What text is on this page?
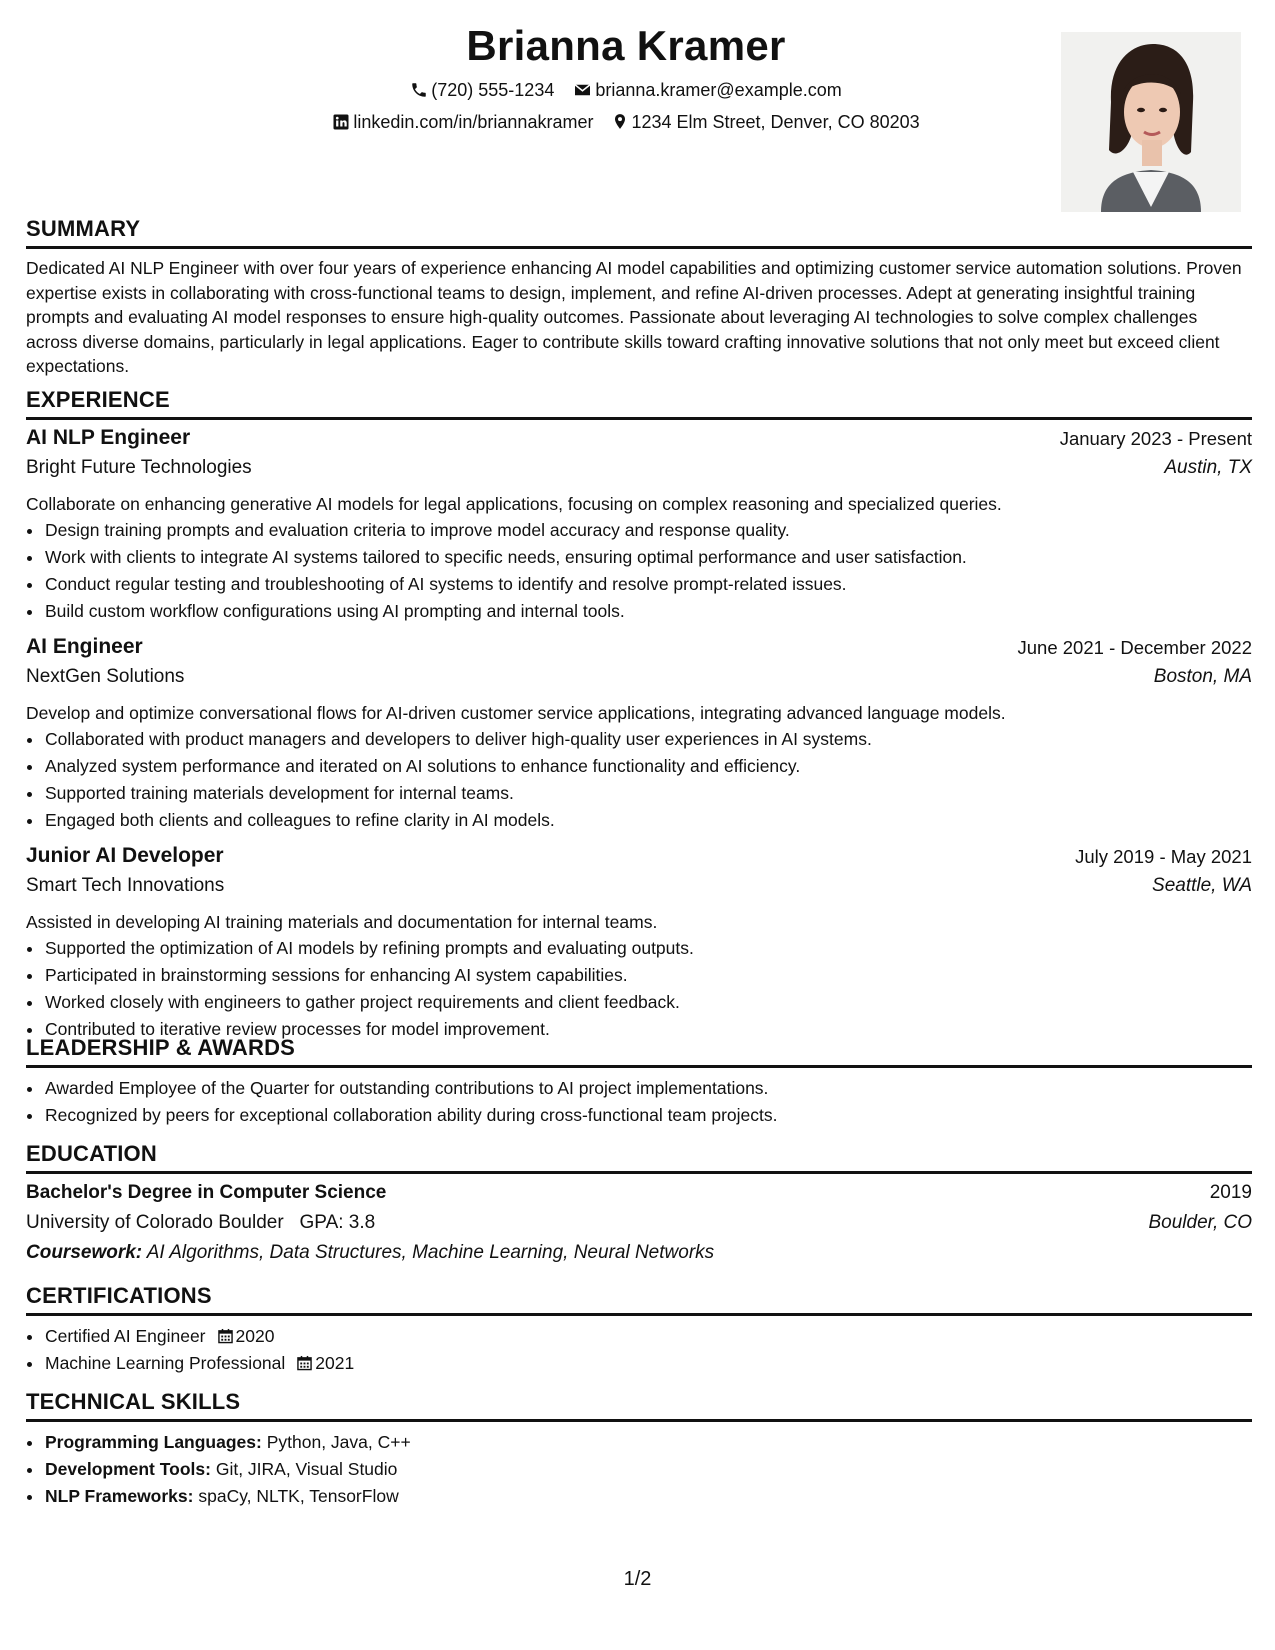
Brianna Kramer
(720) 555-1234 brianna.kramer@example.com
linkedin.com/in/briannakramer 1234 Elm Street, Denver, CO 80203
SUMMARY
Dedicated AI NLP Engineer with over four years of experience enhancing AI model capabilities and optimizing customer service automation solutions. Proven expertise exists in collaborating with cross-functional teams to design, implement, and refine AI-driven processes. Adept at generating insightful training prompts and evaluating AI model responses to ensure high-quality outcomes. Passionate about leveraging AI technologies to solve complex challenges across diverse domains, particularly in legal applications. Eager to contribute skills toward crafting innovative solutions that not only meet but exceed client expectations.
EXPERIENCE
AI NLP Engineer	January 2023 - Present
Bright Future Technologies	Austin, TX
Collaborate on enhancing generative AI models for legal applications, focusing on complex reasoning and specialized queries.
• Design training prompts and evaluation criteria to improve model accuracy and response quality.
• Work with clients to integrate AI systems tailored to specific needs, ensuring optimal performance and user satisfaction.
• Conduct regular testing and troubleshooting of AI systems to identify and resolve prompt-related issues.
• Build custom workflow configurations using AI prompting and internal tools.
AI Engineer	June 2021 - December 2022
NextGen Solutions	Boston, MA
Develop and optimize conversational flows for AI-driven customer service applications, integrating advanced language models.
• Collaborated with product managers and developers to deliver high-quality user experiences in AI systems.
• Analyzed system performance and iterated on AI solutions to enhance functionality and efficiency.
• Supported training materials development for internal teams.
• Engaged both clients and colleagues to refine clarity in AI models.
Junior AI Developer	July 2019 - May 2021
Smart Tech Innovations	Seattle, WA
Assisted in developing AI training materials and documentation for internal teams.
• Supported the optimization of AI models by refining prompts and evaluating outputs.
• Participated in brainstorming sessions for enhancing AI system capabilities.
• Worked closely with engineers to gather project requirements and client feedback.
• Contributed to iterative review processes for model improvement.
LEADERSHIP & AWARDS
• Awarded Employee of the Quarter for outstanding contributions to AI project implementations.
• Recognized by peers for exceptional collaboration ability during cross-functional team projects.
EDUCATION
Bachelor's Degree in Computer Science	2019
University of Colorado Boulder GPA: 3.8	Boulder, CO
Coursework: AI Algorithms, Data Structures, Machine Learning, Neural Networks
CERTIFICATIONS
• Certified AI Engineer 2020
• Machine Learning Professional 2021
TECHNICAL SKILLS
• Programming Languages: Python, Java, C++
• Development Tools: Git, JIRA, Visual Studio
• NLP Frameworks: spaCy, NLTK, TensorFlow
1/2
